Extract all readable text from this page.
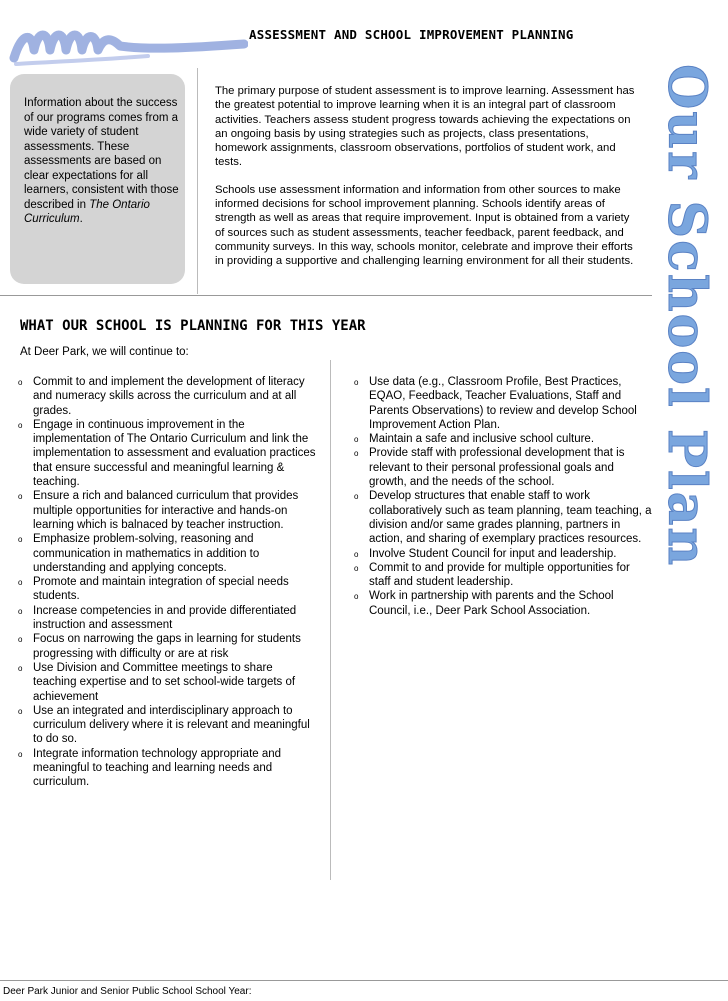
ASSESSMENT AND SCHOOL IMPROVEMENT PLANNING
Our School Plan
Information about the success of our programs comes from a wide variety of student assessments. These assessments are based on clear expectations for all learners, consistent with those described in The Ontario Curriculum.

The primary purpose of student assessment is to improve learning. Assessment has the greatest potential to improve learning when it is an integral part of classroom activities. Teachers assess student progress towards achieving the expectations on an ongoing basis by using strategies such as projects, class presentations, homework assignments, classroom observations, portfolios of student work, and tests.

Schools use assessment information and information from other sources to make informed decisions for school improvement planning. Schools identify areas of strength as well as areas that require improvement. Input is obtained from a variety of sources such as student assessments, teacher feedback, parent feedback, and community surveys. In this way, schools monitor, celebrate and improve their efforts in providing a supportive and challenging learning environment for all their students.

WHAT OUR SCHOOL IS PLANNING FOR THIS YEAR
At Deer Park, we will continue to:
o Commit to and implement the development of literacy and numeracy skills across the curriculum and at all grades.
o Engage in continuous improvement in the implementation of The Ontario Curriculum and link the implementation to assessment and evaluation practices that ensure successful and meaningful learning & teaching.
o Ensure a rich and balanced curriculum that provides multiple opportunities for interactive and hands-on learning which is balnaced by teacher instruction.
o Emphasize problem-solving, reasoning and communication in mathematics in addition to understanding and applying concepts.
o Promote and maintain integration of special needs students.
o Increase competencies in and provide differentiated instruction and assessment
o Focus on narrowing the gaps in learning for students progressing with difficulty or are at risk
o Use Division and Committee meetings to share teaching expertise and to set school-wide targets of achievement
o Use an integrated and interdisciplinary approach to curriculum delivery where it is relevant and meaningful to do so.
o Integrate information technology appropriate and meaningful to teaching and learning needs and curriculum.
o Use data (e.g., Classroom Profile, Best Practices, EQAO, Feedback, Teacher Evaluations, Staff and Parents Observations) to review and develop School Improvement Action Plan.
o Maintain a safe and inclusive school culture.
o Provide staff with professional development that is relevant to their personal professional goals and growth, and the needs of the school.
o Develop structures that enable staff to work collaboratively such as team planning, team teaching, a division and/or same grades planning, partners in action, and sharing of exemplary practices resources.
o Involve Student Council for input and leadership.
o Commit to and provide for multiple opportunities for staff and student leadership.
o Work in partnership with parents and the School Council, i.e., Deer Park School Association.
Deer Park Junior and Senior Public School School Year:
